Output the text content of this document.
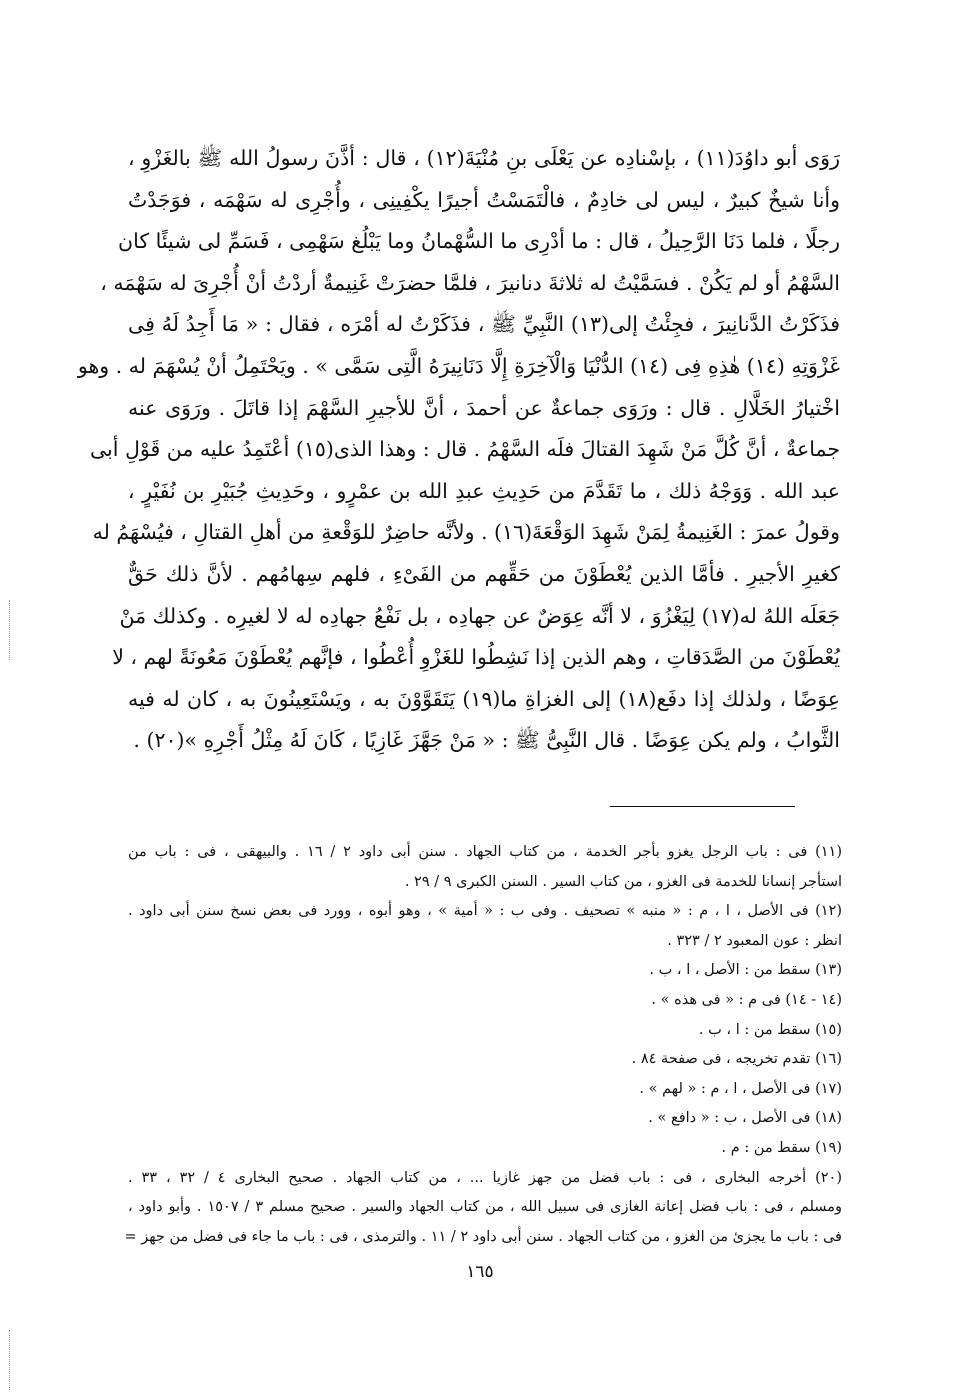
رَوَى أبو داوُدَ(١١) ، بإسْنادِه عن يَعْلَى بنِ مُنْيَةَ(١٢) ، قال : أذَّنَ رسولُ الله ﷺ بالغَزْوِ ،
وأنا شيخٌ كبيرٌ ، ليس لى خادِمٌ ، فالْتَمَسْتُ أجيرًا يكْفِينِى ، وأُجْرِى له سَهْمَه ، فوَجَدْتُ
رجلًا ، فلما دَنَا الرَّحِيلُ ، قال : ما أدْرِى ما السُّهْمانُ وما يَبْلُغ سَهْمِى ، فَسَمِّ لى شيئًا كان
السَّهْمُ أو لم يَكُنْ . فسَمَّيْتُ له ثلاثةَ دنانيرَ ، فلمَّا حضرَتْ غَنِيمةٌ أردْتُ أنْ أُجْرِىَ له سَهْمَه ،
فذَكَرْتُ الدَّنانِيرَ ، فجِئْتُ إلى(١٣) النَّبِيِّ ﷺ ، فذَكَرْتُ له أمْرَه ، فقال : « مَا أَجِدُ لَهُ فِى
غَزْوَتِهِ (١٤) هٰذِهِ فِى (١٤) الدُّنْيَا وَالْآخِرَةِ إِلَّا دَنَانِيرَهُ الَّتِى سَمَّى » . ويَحْتَمِلُ أنْ يُسْهَمَ له . وهو
اخْتيارُ الخَلَّالِ . قال : ورَوَى جماعةٌ عن أحمدَ ، أنَّ للأجيرِ السَّهْمَ إذا قاتَلَ . ورَوَى عنه
جماعةٌ ، أنَّ كُلَّ مَنْ شَهِدَ القتالَ فلَه السَّهْمُ . قال : وهذا الذى(١٥) أعْتَمِدُ عليه من قَوْلِ أبى
عبد الله . وَوَجْهُ ذلك ، ما تَقَدَّمَ من حَدِيثِ عبدِ الله بن عمْرٍو ، وحَدِيثِ جُبَيْرِ بن نُفَيْرٍ ،
وقولُ عمرَ : الغَنِيمةُ لِمَنْ شَهِدَ الوَقْعَةَ(١٦) . ولأنَّه حاضِرٌ للوَقْعةِ من أهلِ القتالِ ، فيُسْهَمُ له
كغيرِ الأجيرِ . فأمَّا الذين يُعْطَوْنَ من حَقِّهم من الفَىْءِ ، فلهم سِهامُهم . لأنَّ ذلك حَقٌّ
جَعَلَه اللهُ له(١٧) لِيَغْزُوَ ، لا أنَّه عِوَضٌ عن جهادِه ، بل نَفْعُ جهادِه له لا لغيرِه . وكذلك مَنْ
يُعْطَوْنَ من الصَّدَقاتِ ، وهم الذين إذا نَشِطُوا للغَزْوِ أُعْطُوا ، فإنَّهم يُعْطَوْنَ مَعُونَةً لهم ، لا
عِوَضًا ، ولذلك إذا دفَع(١٨) إلى الغزاةِ ما(١٩) يَتَقَوَّوْنَ به ، ويَسْتَعِينُونَ به ، كان له فيه
الثَّوابُ ، ولم يكن عِوَضًا . قال النَّبِىُّ ﷺ : « مَنْ جَهَّزَ غَازِيًا ، كَانَ لَهُ مِثْلُ أَجْرِهِ »(٢٠) .
(١١) فى : باب الرجل يغزو بأجر الخدمة ، من كتاب الجهاد . سنن أبى داود ٢ / ١٦ . والبيهقى ، فى : باب من
استأجر إنسانا للخدمة فى الغزو ، من كتاب السير . السنن الكبرى ٩ / ٢٩ .
(١٢) فى الأصل ، ا ، م : « منبه » تصحيف . وفى ب : « أمية » ، وهو أبوه ، وورد فى بعض نسخ سنن أبى داود .
انظر : عون المعبود ٢ / ٣٢٣ .
(١٣) سقط من : الأصل ، ا ، ب .
(١٤ - ١٤) فى م : « فى هذه » .
(١٥) سقط من : ا ، ب .
(١٦) تقدم تخريجه ، فى صفحة ٨٤ .
(١٧) فى الأصل ، ا ، م : « لهم » .
(١٨) فى الأصل ، ب : « دافع » .
(١٩) سقط من : م .
(٢٠) أخرجه البخارى ، فى : باب فضل من جهز غازيا ... ، من كتاب الجهاد . صحيح البخارى ٤ / ٣٢ ، ٣٣ .
ومسلم ، فى : باب فضل إعانة الغازى فى سبيل الله ، من كتاب الجهاد والسير . صحيح مسلم ٣ / ١٥٠٧ . وأبو داود ،
فى : باب ما يجزئ من الغزو ، من كتاب الجهاد . سنن أبى داود ٢ / ١١ . والترمذى ، فى : باب ما جاء فى فضل من جهز =
١٦٥
